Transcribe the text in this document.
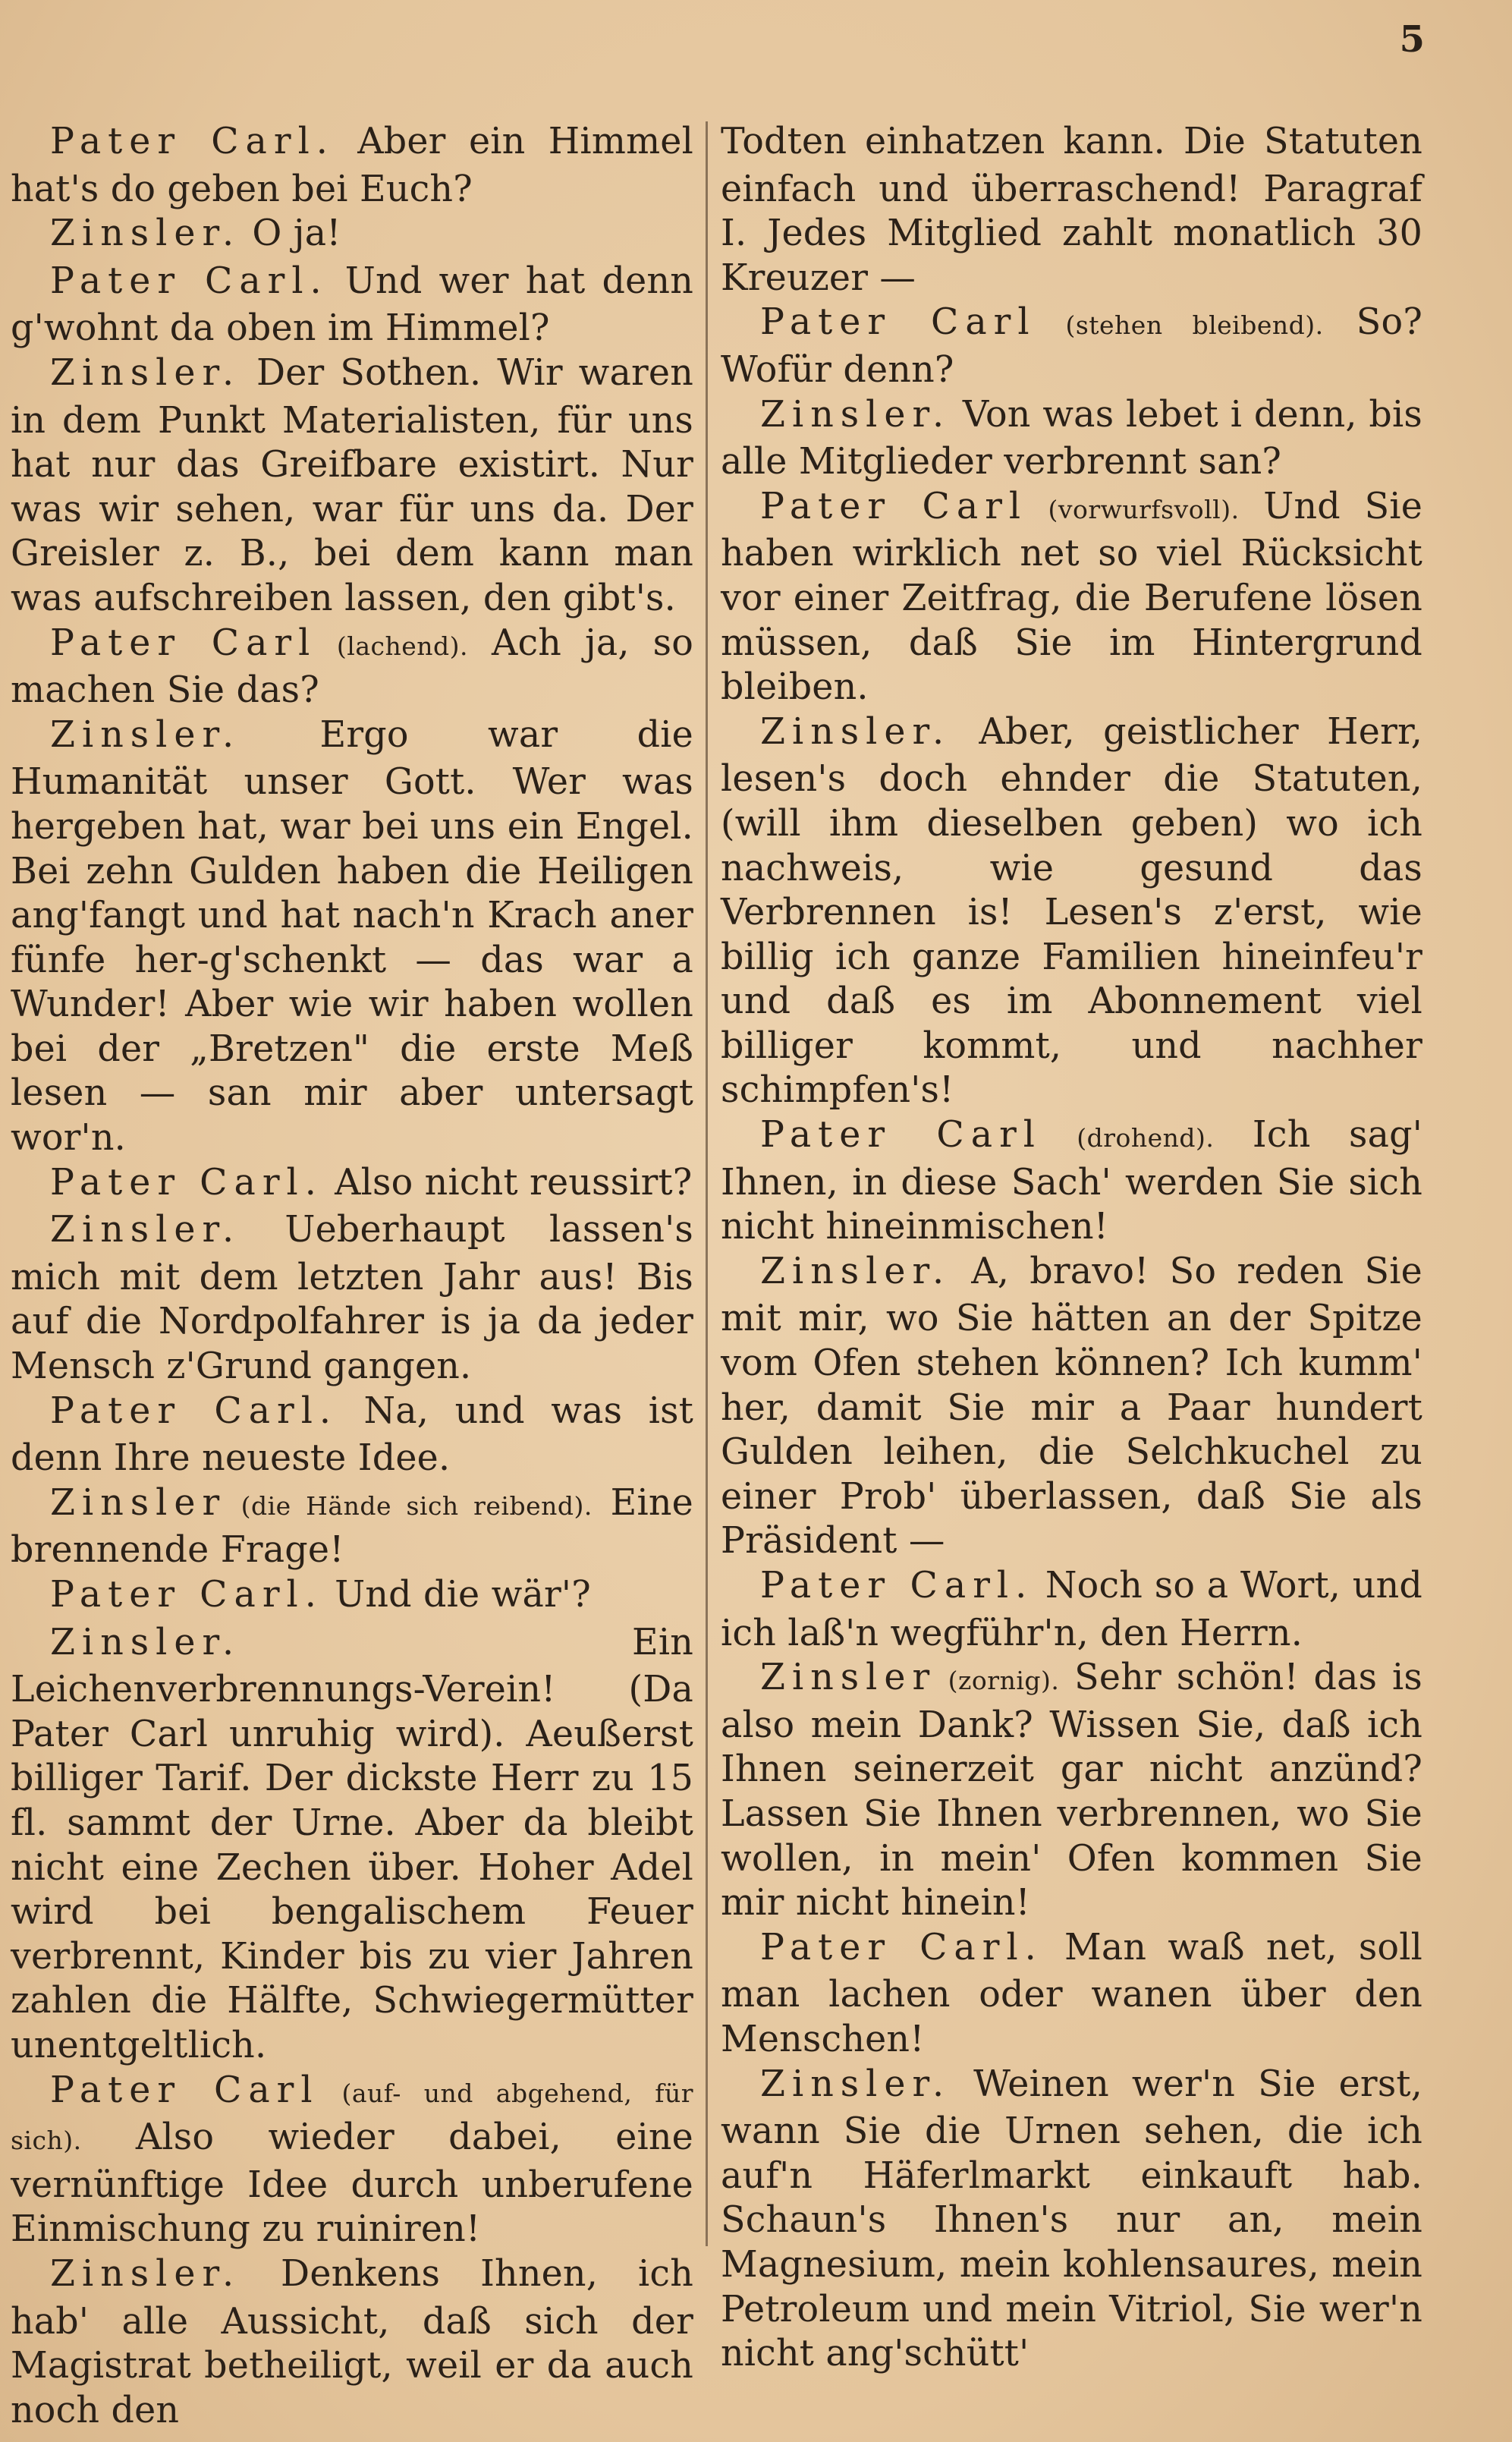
5

Pater Carl. Aber ein Himmel hat's do geben bei Euch?

Zinsler. O ja!

Pater Carl. Und wer hat denn g'wohnt da oben im Himmel?

Zinsler. Der Sothen. Wir waren in dem Punkt Materialisten, für uns hat nur das Greifbare existirt. Nur was wir sehen, war für uns da. Der Greisler z. B., bei dem kann man was aufschreiben lassen, den gibt's.

Pater Carl (lachend). Ach ja, so machen Sie das?

Zinsler. Ergo war die Humanität unser Gott. Wer was hergeben hat, war bei uns ein Engel. Bei zehn Gulden haben die Heiligen ang'fangt und hat nach'n Krach aner fünfe her-g'schenkt — das war a Wunder! Aber wie wir haben wollen bei der „Bretzen" die erste Meß lesen — san mir aber untersagt wor'n.

Pater Carl. Also nicht reussirt?

Zinsler. Ueberhaupt lassen's mich mit dem letzten Jahr aus! Bis auf die Nordpolfahrer is ja da jeder Mensch z'Grund gangen.

Pater Carl. Na, und was ist denn Ihre neueste Idee.

Zinsler (die Hände sich reibend). Eine brennende Frage!

Pater Carl. Und die wär'?

Zinsler. Ein Leichenverbrennungs-Verein! (Da Pater Carl unruhig wird). Aeußerst billiger Tarif. Der dickste Herr zu 15 fl. sammt der Urne. Aber da bleibt nicht eine Zechen über. Hoher Adel wird bei bengalischem Feuer verbrennt, Kinder bis zu vier Jahren zahlen die Hälfte, Schwiegermütter unentgeltlich.

Pater Carl (auf- und abgehend, für sich). Also wieder dabei, eine vernünftige Idee durch unberufene Einmischung zu ruiniren!

Zinsler. Denkens Ihnen, ich hab' alle Aussicht, daß sich der Magistrat betheiligt, weil er da auch noch den

Todten einhatzen kann. Die Statuten einfach und überraschend! Paragraf I. Jedes Mitglied zahlt monatlich 30 Kreuzer —

Pater Carl (stehen bleibend). So? Wofür denn?

Zinsler. Von was lebet i denn, bis alle Mitglieder verbrennt san?

Pater Carl (vorwurfsvoll). Und Sie haben wirklich net so viel Rücksicht vor einer Zeitfrag, die Berufene lösen müssen, daß Sie im Hintergrund bleiben.

Zinsler. Aber, geistlicher Herr, lesen's doch ehnder die Statuten, (will ihm dieselben geben) wo ich nachweis, wie gesund das Verbrennen is! Lesen's z'erst, wie billig ich ganze Familien hineinfeu'r und daß es im Abonnement viel billiger kommt, und nachher schimpfen's!

Pater Carl (drohend). Ich sag' Ihnen, in diese Sach' werden Sie sich nicht hineinmischen!

Zinsler. A, bravo! So reden Sie mit mir, wo Sie hätten an der Spitze vom Ofen stehen können? Ich kumm' her, damit Sie mir a Paar hundert Gulden leihen, die Selchkuchel zu einer Prob' überlassen, daß Sie als Präsident —

Pater Carl. Noch so a Wort, und ich laß'n wegführ'n, den Herrn.

Zinsler (zornig). Sehr schön! das is also mein Dank? Wissen Sie, daß ich Ihnen seinerzeit gar nicht anzünd? Lassen Sie Ihnen verbrennen, wo Sie wollen, in mein' Ofen kommen Sie mir nicht hinein!

Pater Carl. Man waß net, soll man lachen oder wanen über den Menschen!

Zinsler. Weinen wer'n Sie erst, wann Sie die Urnen sehen, die ich auf'n Häferlmarkt einkauft hab. Schaun's Ihnen's nur an, mein Magnesium, mein kohlensaures, mein Petroleum und mein Vitriol, Sie wer'n nicht ang'schütt'
